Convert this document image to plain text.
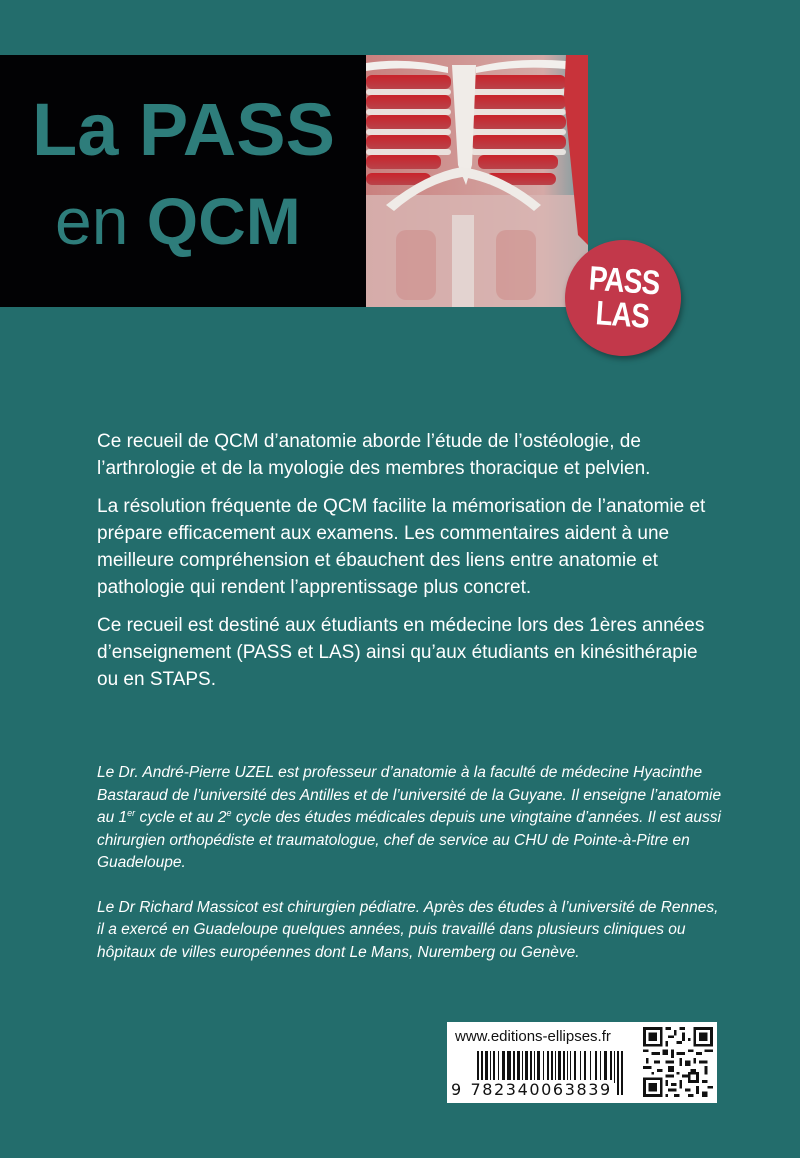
La PASS
en QCM
PASS
LAS

Ce recueil de QCM d’anatomie aborde l’étude de l’ostéologie, de l’arthrologie et de la myologie des membres thoracique et pelvien.

La résolution fréquente de QCM facilite la mémorisation de l’anatomie et prépare efficacement aux examens. Les commentaires aident à une meilleure compréhension et ébauchent des liens entre anatomie et pathologie qui rendent l’apprentissage plus concret.

Ce recueil est destiné aux étudiants en médecine lors des 1ères années d’enseignement (PASS et LAS) ainsi qu’aux étudiants en kinésithérapie ou en STAPS.

Le Dr. André-Pierre UZEL est professeur d’anatomie à la faculté de médecine Hyacinthe Bastaraud de l’université des Antilles et de l’université de la Guyane. Il enseigne l’anatomie au 1er cycle et au 2e cycle des études médicales depuis une vingtaine d’années. Il est aussi chirurgien orthopédiste et traumatologue, chef de service au CHU de Pointe-à-Pitre en Guadeloupe.

Le Dr Richard Massicot est chirurgien pédiatre. Après des études à l’université de Rennes, il a exercé en Guadeloupe quelques années, puis travaillé dans plusieurs cliniques ou hôpitaux de villes européennes dont Le Mans, Nuremberg ou Genève.

www.editions-ellipses.fr
9 782340063839
